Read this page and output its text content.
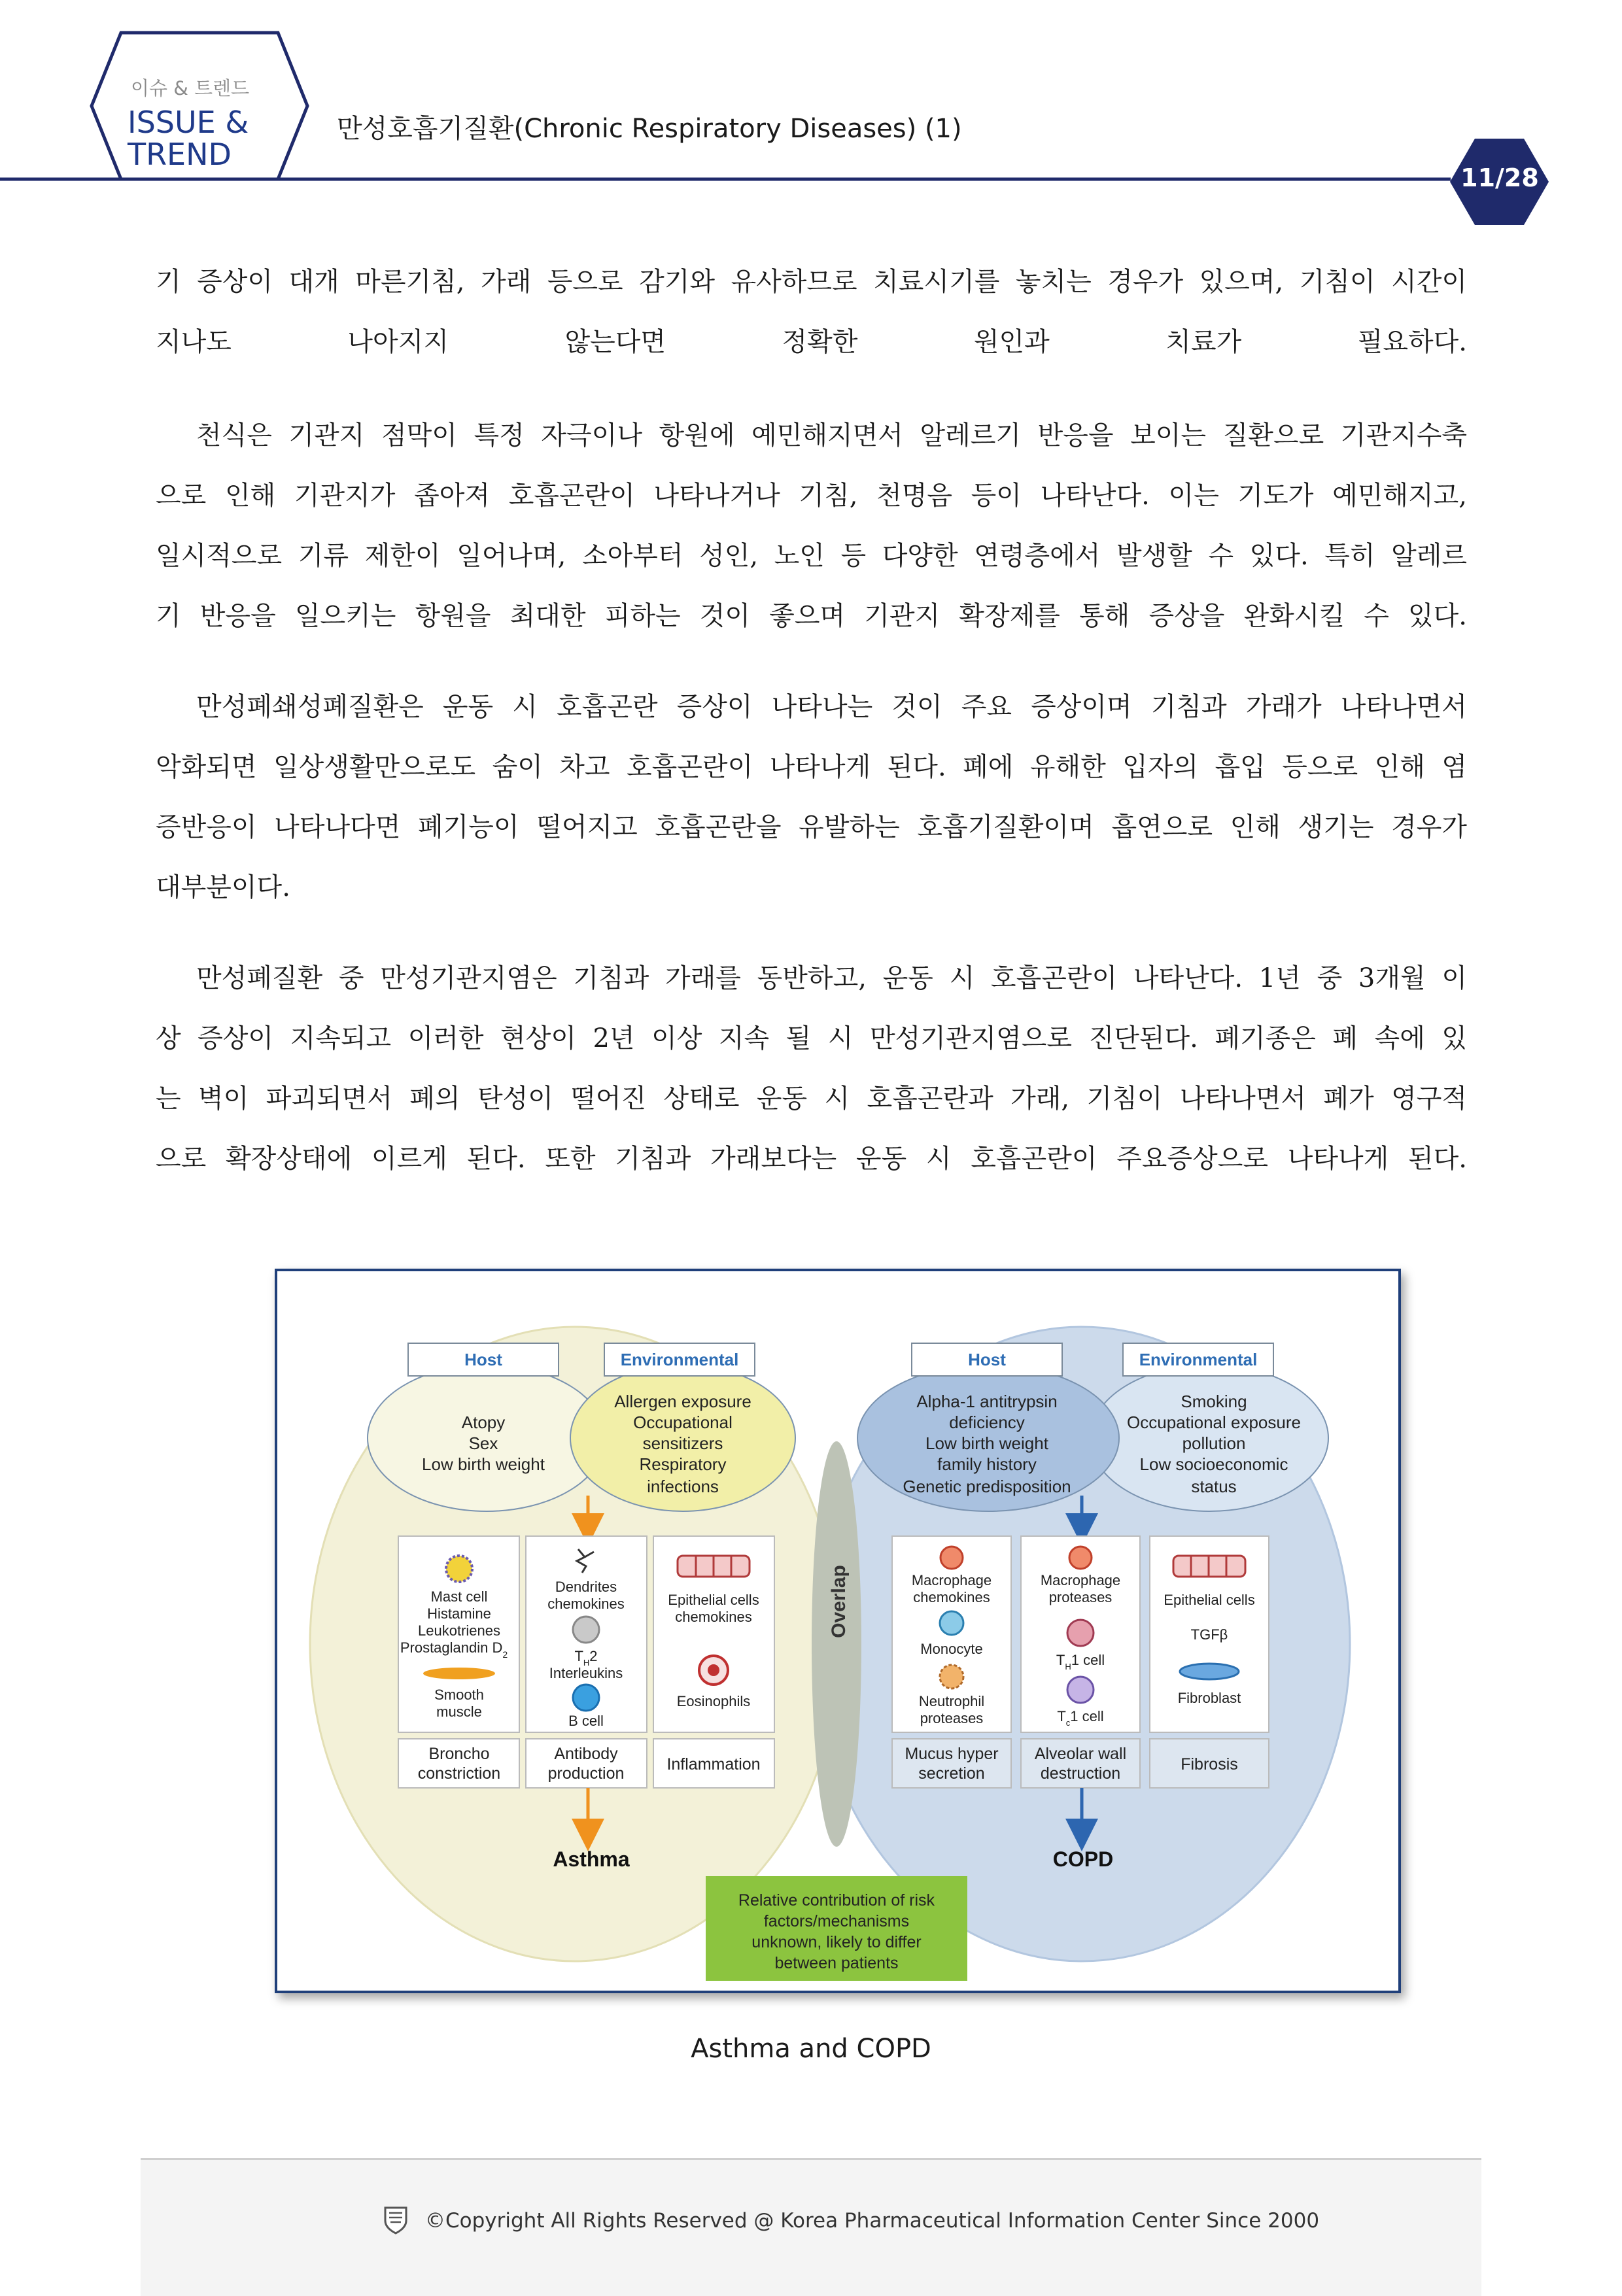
이슈 & 트렌드
ISSUE &
TREND
만성호흡기질환(Chronic Respiratory Diseases) (1)
11/28
기 증상이 대개 마른기침, 가래 등으로 감기와 유사하므로 치료시기를 놓치는 경우가 있으며, 기침이 시간이
지나도 나아지지 않는다면 정확한 원인과 치료가 필요하다.
천식은 기관지 점막이 특정 자극이나 항원에 예민해지면서 알레르기 반응을 보이는 질환으로 기관지수축
으로 인해 기관지가 좁아져 호흡곤란이 나타나거나 기침, 천명음 등이 나타난다. 이는 기도가 예민해지고,
일시적으로 기류 제한이 일어나며, 소아부터 성인, 노인 등 다양한 연령층에서 발생할 수 있다. 특히 알레르
기 반응을 일으키는 항원을 최대한 피하는 것이 좋으며 기관지 확장제를 통해 증상을 완화시킬 수 있다.
만성폐쇄성폐질환은 운동 시 호흡곤란 증상이 나타나는 것이 주요 증상이며 기침과 가래가 나타나면서
악화되면 일상생활만으로도 숨이 차고 호흡곤란이 나타나게 된다. 폐에 유해한 입자의 흡입 등으로 인해 염
증반응이 나타나다면 폐기능이 떨어지고 호흡곤란을 유발하는 호흡기질환이며 흡연으로 인해 생기는 경우가
대부분이다.
만성폐질환 중 만성기관지염은 기침과 가래를 동반하고, 운동 시 호흡곤란이 나타난다. 1년 중 3개월 이
상 증상이 지속되고 이러한 현상이 2년 이상 지속 될 시 만성기관지염으로 진단된다. 폐기종은 폐 속에 있
는 벽이 파괴되면서 폐의 탄성이 떨어진 상태로 운동 시 호흡곤란과 가래, 기침이 나타나면서 폐가 영구적
으로 확장상태에 이르게 된다. 또한 기침과 가래보다는 운동 시 호흡곤란이 주요증상으로 나타나게 된다.
Host	Environmental
Atopy
Sex
Low birth weight
Allergen exposure
Occupational
sensitizers
Respiratory
infections
Mast cell
Histamine
Leukotrienes
Prostaglandin $D_2$
Smooth
muscle
Dendrites
chemokines
$T_H2$
Interleukins
B cell
Epithelial cells
chemokines
Eosinophils
Broncho
constriction
Antibody
production	Inflammation
Asthma
Overlap
Host	Environmental
Alpha-1 antitrypsin
deficiency
Low birth weight
family history
Genetic predisposition
Smoking
Occupational exposure
pollution
Low socioeconomic
status
Macrophage
chemokines
Monocyte
Neutrophil
proteases
Macrophage
proteases
$T_H1$ cell
$T_c1$ cell
Epithelial cells
TGFβ
Fibroblast
Mucus hyper
secretion
Alveolar wall
destruction	Fibrosis
COPD
Relative contribution of risk
factors/mechanisms
unknown, likely to differ
between patients
Asthma and COPD
©Copyright All Rights Reserved @ Korea Pharmaceutical Information Center Since 2000
